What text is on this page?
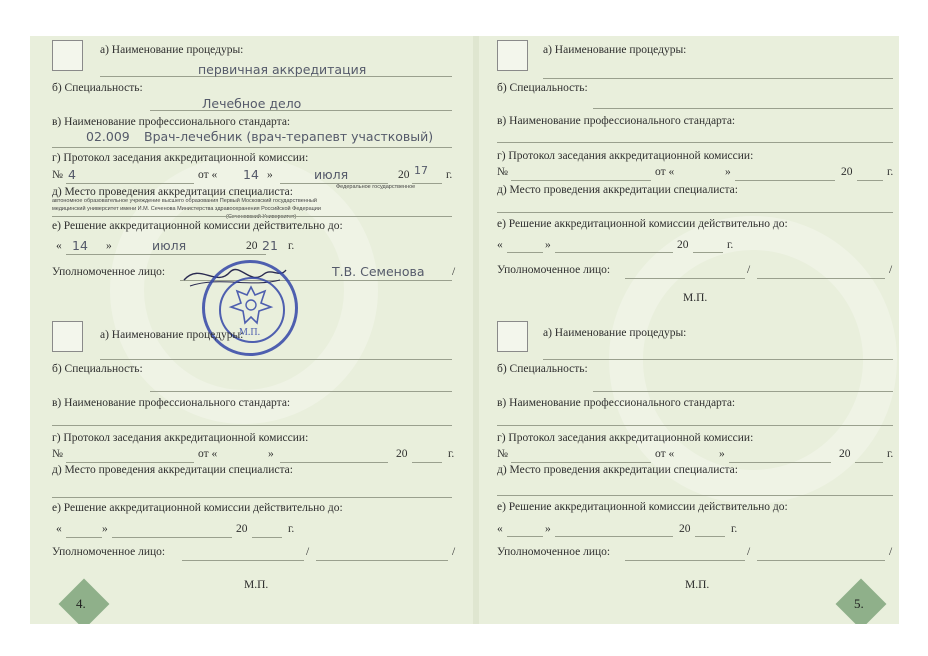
а) Наименование процедуры:
первичная аккредитация
б) Специальность:
Лечебное дело
в) Наименование профессионального стандарта:
02.009 Врач-лечебник (врач-терапевт участковый)
г) Протокол заседания аккредитационной комиссии:
№ 4	от « 14 »	июля	20 17 г.
д) Место проведения аккредитации специалиста:	Федеральное государственное
автономное образовательное учреждение высшего образования Первый Московский государственный
медицинский университет имени И.М. Сеченова Министерства здравоохранения Российской Федерации
(Сеченовский Университет)
е) Решение аккредитационной комиссии действительно до:
« 14 »	июля	20 21 г.
Уполномоченное лицо:	Т.В. Семенова /
М.П.
а) Наименование процедуры:
б) Специальность:
в) Наименование профессионального стандарта:
г) Протокол заседания аккредитационной комиссии:
№	от «	»	20	г.
д) Место проведения аккредитации специалиста:
е) Решение аккредитационной комиссии действительно до:
«	»	20	г.
Уполномоченное лицо:	/	/
М.П.
4.
а) Наименование процедуры:
б) Специальность:
в) Наименование профессионального стандарта:
г) Протокол заседания аккредитационной комиссии:
№	от «	»	20	г.
д) Место проведения аккредитации специалиста:
е) Решение аккредитационной комиссии действительно до:
«	»	20	г.
Уполномоченное лицо:	/	/
М.П.
а) Наименование процедуры:
б) Специальность:
в) Наименование профессионального стандарта:
г) Протокол заседания аккредитационной комиссии:
№	от «	»	20	г.
д) Место проведения аккредитации специалиста:
е) Решение аккредитационной комиссии действительно до:
«	»	20	г.
Уполномоченное лицо:	/	/
М.П.
5.
